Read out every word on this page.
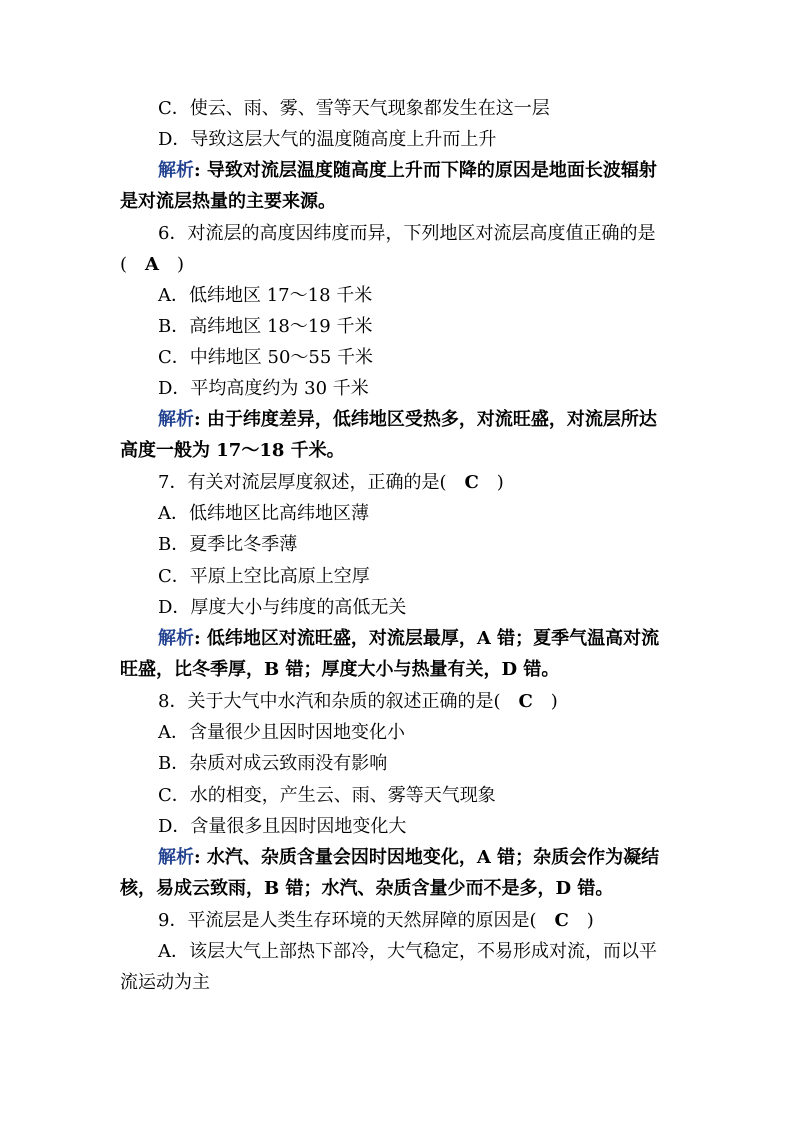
C．使云、雨、雾、雪等天气现象都发生在这一层
D．导致这层大气的温度随高度上升而上升
解析: 导致对流层温度随高度上升而下降的原因是地面长波辐射
是对流层热量的主要来源。
6．对流层的高度因纬度而异，下列地区对流层高度值正确的是
(　A　)
A．低纬地区 17～18 千米
B．高纬地区 18～19 千米
C．中纬地区 50～55 千米
D．平均高度约为 30 千米
解析: 由于纬度差异，低纬地区受热多，对流旺盛，对流层所达
高度一般为 17～18 千米。
7．有关对流层厚度叙述，正确的是(　C　)
A．低纬地区比高纬地区薄
B．夏季比冬季薄
C．平原上空比高原上空厚
D．厚度大小与纬度的高低无关
解析: 低纬地区对流旺盛，对流层最厚，A 错；夏季气温高对流
旺盛，比冬季厚，B 错；厚度大小与热量有关，D 错。
8．关于大气中水汽和杂质的叙述正确的是(　C　)
A．含量很少且因时因地变化小
B．杂质对成云致雨没有影响
C．水的相变，产生云、雨、雾等天气现象
D．含量很多且因时因地变化大
解析: 水汽、杂质含量会因时因地变化，A 错；杂质会作为凝结
核，易成云致雨，B 错；水汽、杂质含量少而不是多，D 错。
9．平流层是人类生存环境的天然屏障的原因是(　C　)
A．该层大气上部热下部冷，大气稳定，不易形成对流，而以平
流运动为主
